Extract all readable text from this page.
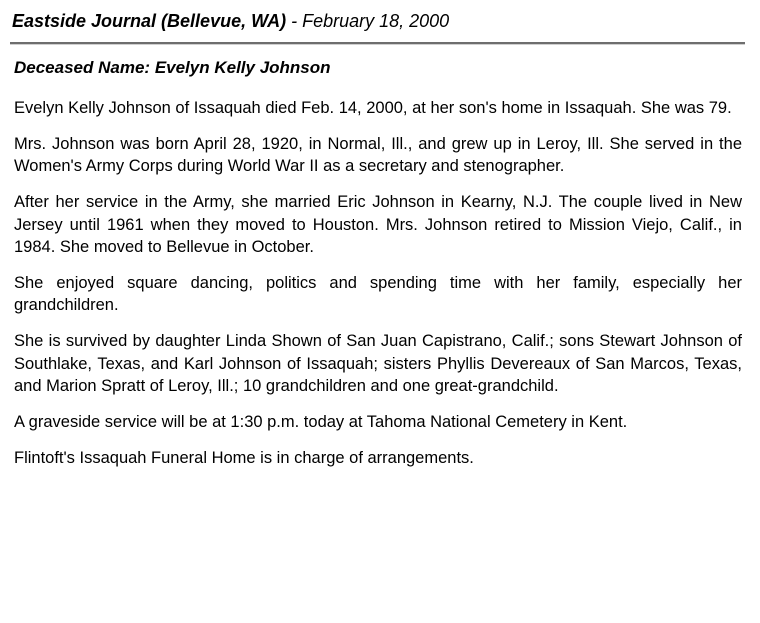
Eastside Journal (Bellevue, WA) - February 18, 2000
Deceased Name: Evelyn Kelly Johnson

Evelyn Kelly Johnson of Issaquah died Feb. 14, 2000, at her son's home in Issaquah. She was 79.

Mrs. Johnson was born April 28, 1920, in Normal, Ill., and grew up in Leroy, Ill. She served in the Women's Army Corps during World War II as a secretary and stenographer.

After her service in the Army, she married Eric Johnson in Kearny, N.J. The couple lived in New Jersey until 1961 when they moved to Houston. Mrs. Johnson retired to Mission Viejo, Calif., in 1984. She moved to Bellevue in October.

She enjoyed square dancing, politics and spending time with her family, especially her grandchildren.

She is survived by daughter Linda Shown of San Juan Capistrano, Calif.; sons Stewart Johnson of Southlake, Texas, and Karl Johnson of Issaquah; sisters Phyllis Devereaux of San Marcos, Texas, and Marion Spratt of Leroy, Ill.; 10 grandchildren and one great-grandchild.

A graveside service will be at 1:30 p.m. today at Tahoma National Cemetery in Kent.

Flintoft's Issaquah Funeral Home is in charge of arrangements.
